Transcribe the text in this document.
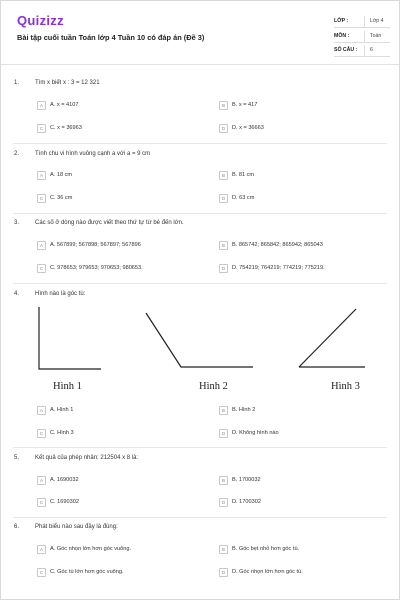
Quizizz
Bài tập cuối tuần Toán lớp 4 Tuần 10 có đáp án (Đề 3)
LỚP :	Lớp 4
MÔN :	Toán
SỐ CÂU : 6
1.	Tìm x biết x : 3 = 12 321
A	A. x = 4107	B	B. x = 417
C	C. x = 36963	D	D. x = 36663
2.	Tính chu vi hình vuông cạnh a với a = 9 cm
A	A. 18 cm	B	B. 81 cm
C	C. 36 cm	D	D. 63 cm
3.	Các số ở dòng nào được viết theo thứ tự từ bé đến lớn.
A	A. 567899; 567898; 567897; 567896	B	B. 865742; 865842; 865942; 865043
C	C. 978653; 979653; 970653; 980653.	D	D. 754219; 764219; 774219; 775219.
4.	Hình nào là góc tù:
Hình 1	Hình 2	Hình 3
A	A. Hình 1	B	B. Hình 2
C	C. Hình 3	D	D. Không hình nào
5.	Kết quả của phép nhân: 212504 x 8 là:
A	A. 1690032	B	B. 1700032
C	C. 1690302	D	D. 1700302
6.	Phát biểu nào sau đây là đúng:
A	A. Góc nhọn lớn hơn góc vuông.	B	B. Góc bẹt nhỏ hơn góc tù.
C	C. Góc tù lớn hơn góc vuông.	D	D. Góc nhọn lớn hơn góc tù.
